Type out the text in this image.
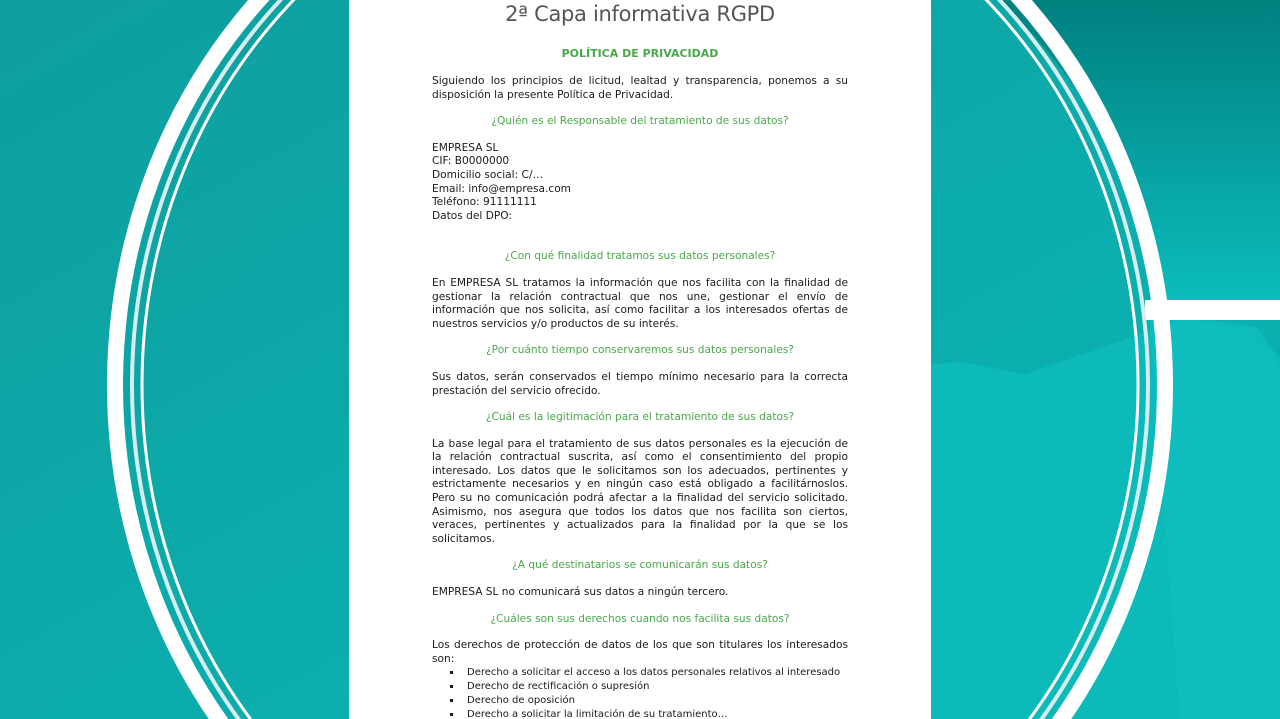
2ª Capa informativa RGPD
POLÍTICA DE PRIVACIDAD

Siguiendo los principios de licitud, lealtad y transparencia, ponemos a su disposición la presente Política de Privacidad.

¿Quién es el Responsable del tratamiento de sus datos?

EMPRESA SL

CIF: B0000000

Domicilio social: C/…

Email: info@empresa.com

Teléfono: 91111111

Datos del DPO:

¿Con qué finalidad tratamos sus datos personales?

En EMPRESA SL tratamos la información que nos facilita con la finalidad de gestionar la relación contractual que nos une, gestionar el envío de información que nos solicita, así como facilitar a los interesados ofertas de nuestros servicios y/o productos de su interés.

¿Por cuánto tiempo conservaremos sus datos personales?

Sus datos, serán conservados el tiempo mínimo necesario para la correcta prestación del servicio ofrecido.

¿Cuál es la legitimación para el tratamiento de sus datos?

La base legal para el tratamiento de sus datos personales es la ejecución de la relación contractual suscrita, así como el consentimiento del propio interesado. Los datos que le solicitamos son los adecuados, pertinentes y estrictamente necesarios y en ningún caso está obligado a facilitárnoslos. Pero su no comunicación podrá afectar a la finalidad del servicio solicitado. Asimismo, nos asegura que todos los datos que nos facilita son ciertos, veraces, pertinentes y actualizados para la finalidad por la que se los solicitamos.

¿A qué destinatarios se comunicarán sus datos?

EMPRESA SL no comunicará sus datos a ningún tercero.

¿Cuáles son sus derechos cuando nos facilita sus datos?

Los derechos de protección de datos de los que son titulares los interesados son:

Derecho a solicitar el acceso a los datos personales relativos al interesado
Derecho de rectificación o supresión
Derecho de oposición
Derecho a solicitar la limitación de su tratamiento…
